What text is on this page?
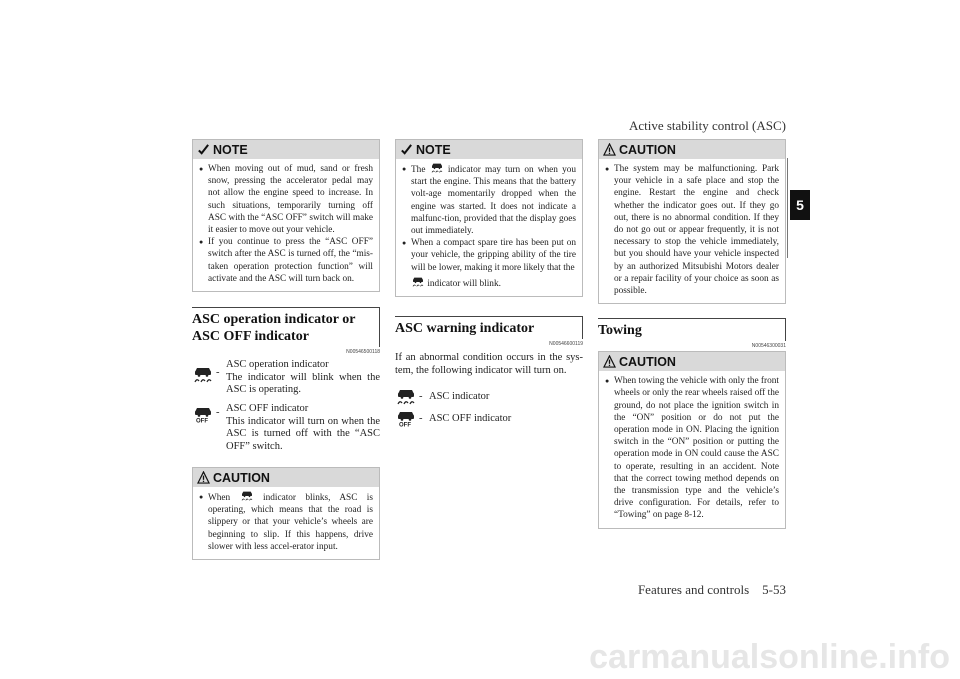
Active stability control (ASC)
Features and controls 5-53
5
NOTE
● When moving out of mud, sand or fresh snow, pressing the accelerator pedal may not allow the engine speed to increase. In such situations, temporarily turning off ASC with the “ASC OFF” switch will make it easier to move out your vehicle.
● If you continue to press the “ASC OFF” switch after the ASC is turned off, the “mis-taken operation protection function” will activate and the ASC will turn back on.
ASC operation indicator or ASC OFF indicator
N00546500118
-
ASC operation indicator
The indicator will blink when the ASC is operating.
- ASC OFF indicator
This indicator will turn on when the ASC is turned off with the “ASC OFF” switch.
CAUTION
● When	indicator blinks, ASC is operating, which means that the road is slippery or that your vehicle’s wheels are beginning to slip. If this happens, drive slower with less accel-erator input.
NOTE
● The indicator may turn on when you start the engine. This means that the battery volt-age momentarily dropped when the engine was started. It does not indicate a malfunc-tion, provided that the display goes out immediately.
● When a compact spare tire has been put on your vehicle, the gripping ability of the tire will be lower, making it more likely that the
indicator will blink.
ASC warning indicator
N00546600119
If an abnormal condition occurs in the sys-tem, the following indicator will turn on.
- ASC indicator
- ASC OFF indicator
CAUTION
● The system may be malfunctioning. Park your vehicle in a safe place and stop the engine. Restart the engine and check whether the indicator goes out. If they go out, there is no abnormal condition. If they do not go out or appear frequently, it is not necessary to stop the vehicle immediately, but you should have your vehicle inspected by an authorized Mitsubishi Motors dealer or a repair facility of your choice as soon as possible.
Towing
N00546300031
CAUTION
● When towing the vehicle with only the front wheels or only the rear wheels raised off the ground, do not place the ignition switch in the “ON” position or do not put the operation mode in ON. Placing the ignition switch in the “ON” position or putting the operation mode in ON could cause the ASC to operate, resulting in an accident. Note that the correct towing method depends on the transmission type and the vehicle’s drive configuration. For details, refer to “Towing” on page 8-12.
carmanualsonline.info
